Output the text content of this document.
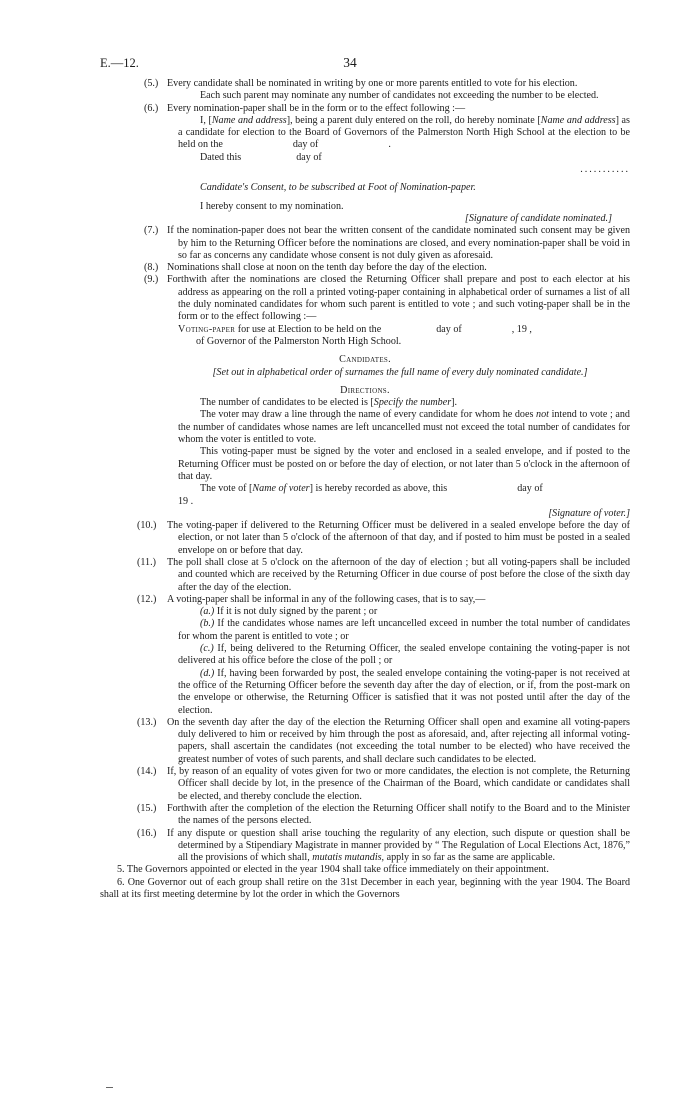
E.—12.	34
(5.) Every candidate shall be nominated in writing by one or more parents entitled to vote for his election.

Each such parent may nominate any number of candidates not exceeding the number to be elected.

(6.) Every nomination-paper shall be in the form or to the effect following :—

I, [Name and address], being a parent duly entered on the roll, do hereby nominate [Name and address] as a candidate for election to the Board of Governors of the Palmerston North High School at the election to be held on the	day of	.

Dated this	day of

...........

Candidate's Consent, to be subscribed at Foot of Nomination-paper.

I hereby consent to my nomination.

[Signature of candidate nominated.]

(7.) If the nomination-paper does not bear the written consent of the candidate nominated such consent may be given by him to the Returning Officer before the nominations are closed, and every nomination-paper shall be void in so far as concerns any candidate whose consent is not duly given as aforesaid.

(8.) Nominations shall close at noon on the tenth day before the day of the election.

(9.) Forthwith after the nominations are closed the Returning Officer shall prepare and post to each elector at his address as appearing on the roll a printed voting-paper containing in alphabetical order of surnames a list of all the duly nominated candidates for whom such parent is entitled to vote ; and such voting-paper shall be in the form or to the effect following :—

Voting-paper for use at Election to be held on the	day of	, 19 ,

of Governor of the Palmerston North High School.

Candidates.

[Set out in alphabetical order of surnames the full name of every duly nominated candidate.]

Directions.

The number of candidates to be elected is [Specify the number].

The voter may draw a line through the name of every candidate for whom he does not intend to vote ; and the number of candidates whose names are left uncancelled must not exceed the total number of candidates for whom the voter is entitled to vote.

This voting-paper must be signed by the voter and enclosed in a sealed envelope, and if posted to the Returning Officer must be posted on or before the day of election, or not later than 5 o'clock in the afternoon of that day.

The vote of [Name of voter] is hereby recorded as above, this	day of

19 .

[Signature of voter.]

(10.) The voting-paper if delivered to the Returning Officer must be delivered in a sealed envelope before the day of election, or not later than 5 o'clock of the afternoon of that day, and if posted to him must be posted in a sealed envelope on or before that day.

(11.) The poll shall close at 5 o'clock on the afternoon of the day of election ; but all voting-papers shall be included and counted which are received by the Returning Officer in due course of post before the close of the sixth day after the day of the election.

(12.) A voting-paper shall be informal in any of the following cases, that is to say,—

(a.) If it is not duly signed by the parent ; or

(b.) If the candidates whose names are left uncancelled exceed in number the total number of candidates for whom the parent is entitled to vote ; or

(c.) If, being delivered to the Returning Officer, the sealed envelope containing the voting-paper is not delivered at his office before the close of the poll ; or

(d.) If, having been forwarded by post, the sealed envelope containing the voting-paper is not received at the office of the Returning Officer before the seventh day after the day of election, or if, from the post-mark on the envelope or otherwise, the Returning Officer is satisfied that it was not posted until after the day of the election.

(13.) On the seventh day after the day of the election the Returning Officer shall open and examine all voting-papers duly delivered to him or received by him through the post as aforesaid, and, after rejecting all informal voting-papers, shall ascertain the candidates (not exceeding the total number to be elected) who have received the greatest number of votes of such parents, and shall declare such candidates to be elected.

(14.) If, by reason of an equality of votes given for two or more candidates, the election is not complete, the Returning Officer shall decide by lot, in the presence of the Chairman of the Board, which candidate or candidates shall be elected, and thereby conclude the election.

(15.) Forthwith after the completion of the election the Returning Officer shall notify to the Board and to the Minister the names of the persons elected.

(16.) If any dispute or question shall arise touching the regularity of any election, such dispute or question shall be determined by a Stipendiary Magistrate in manner provided by “ The Regulation of Local Elections Act, 1876,” all the provisions of which shall, mutatis mutandis, apply in so far as the same are applicable.

5. The Governors appointed or elected in the year 1904 shall take office immediately on their appointment.

6. One Governor out of each group shall retire on the 31st December in each year, beginning with the year 1904. The Board shall at its first meeting determine by lot the order in which the Governors
